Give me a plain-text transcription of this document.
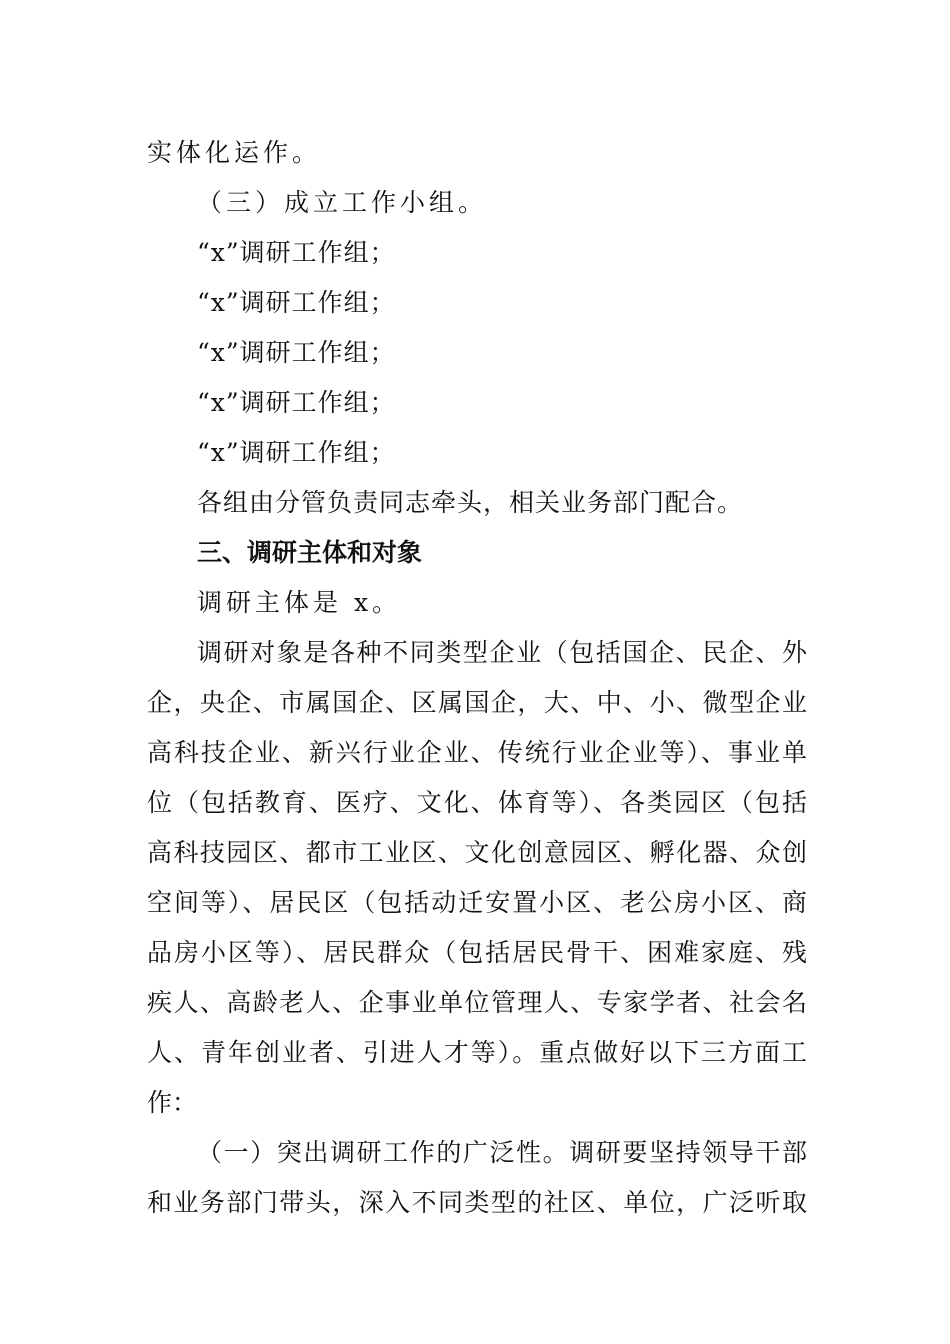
实体化运作。
（三）成立工作小组。
“x”调研工作组；
“x”调研工作组；
“x”调研工作组；
“x”调研工作组；
“x”调研工作组；
各组由分管负责同志牵头，相关业务部门配合。
三、调研主体和对象
调研主体是 x。
调研对象是各种不同类型企业（包括国企、民企、外
企，央企、市属国企、区属国企，大、中、小、微型企业
高科技企业、新兴行业企业、传统行业企业等）、事业单
位（包括教育、医疗、文化、体育等）、各类园区（包括
高科技园区、都市工业区、文化创意园区、孵化器、众创
空间等）、居民区（包括动迁安置小区、老公房小区、商
品房小区等）、居民群众（包括居民骨干、困难家庭、残
疾人、高龄老人、企事业单位管理人、专家学者、社会名
人、青年创业者、引进人才等）。重点做好以下三方面工
作：
（一）突出调研工作的广泛性。调研要坚持领导干部
和业务部门带头，深入不同类型的社区、单位，广泛听取
